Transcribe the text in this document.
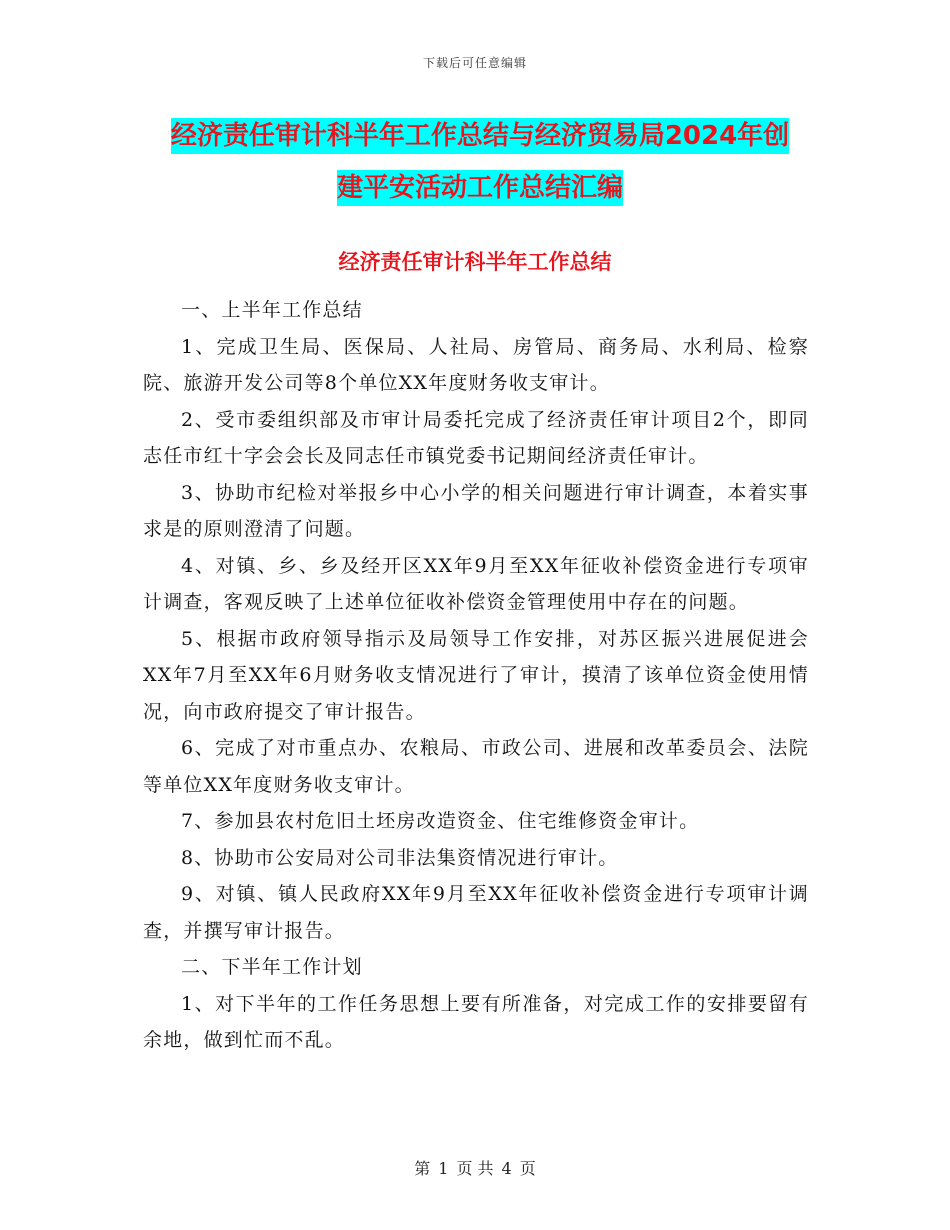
下载后可任意编辑
经济责任审计科半年工作总结与经济贸易局2024年创
建平安活动工作总结汇编
经济责任审计科半年工作总结

一、上半年工作总结

1、完成卫生局、医保局、人社局、房管局、商务局、水利局、检察院、旅游开发公司等8个单位XX年度财务收支审计。

2、受市委组织部及市审计局委托完成了经济责任审计项目2个，即同志任市红十字会会长及同志任市镇党委书记期间经济责任审计。

3、协助市纪检对举报乡中心小学的相关问题进行审计调查，本着实事求是的原则澄清了问题。

4、对镇、乡、乡及经开区XX年9月至XX年征收补偿资金进行专项审计调查，客观反映了上述单位征收补偿资金管理使用中存在的问题。

5、根据市政府领导指示及局领导工作安排，对苏区振兴进展促进会XX年7月至XX年6月财务收支情况进行了审计，摸清了该单位资金使用情况，向市政府提交了审计报告。

6、完成了对市重点办、农粮局、市政公司、进展和改革委员会、法院等单位XX年度财务收支审计。

7、参加县农村危旧土坯房改造资金、住宅维修资金审计。

8、协助市公安局对公司非法集资情况进行审计。

9、对镇、镇人民政府XX年9月至XX年征收补偿资金进行专项审计调查，并撰写审计报告。

二、下半年工作计划

1、对下半年的工作任务思想上要有所准备，对完成工作的安排要留有余地，做到忙而不乱。

第 1 页 共 4 页
